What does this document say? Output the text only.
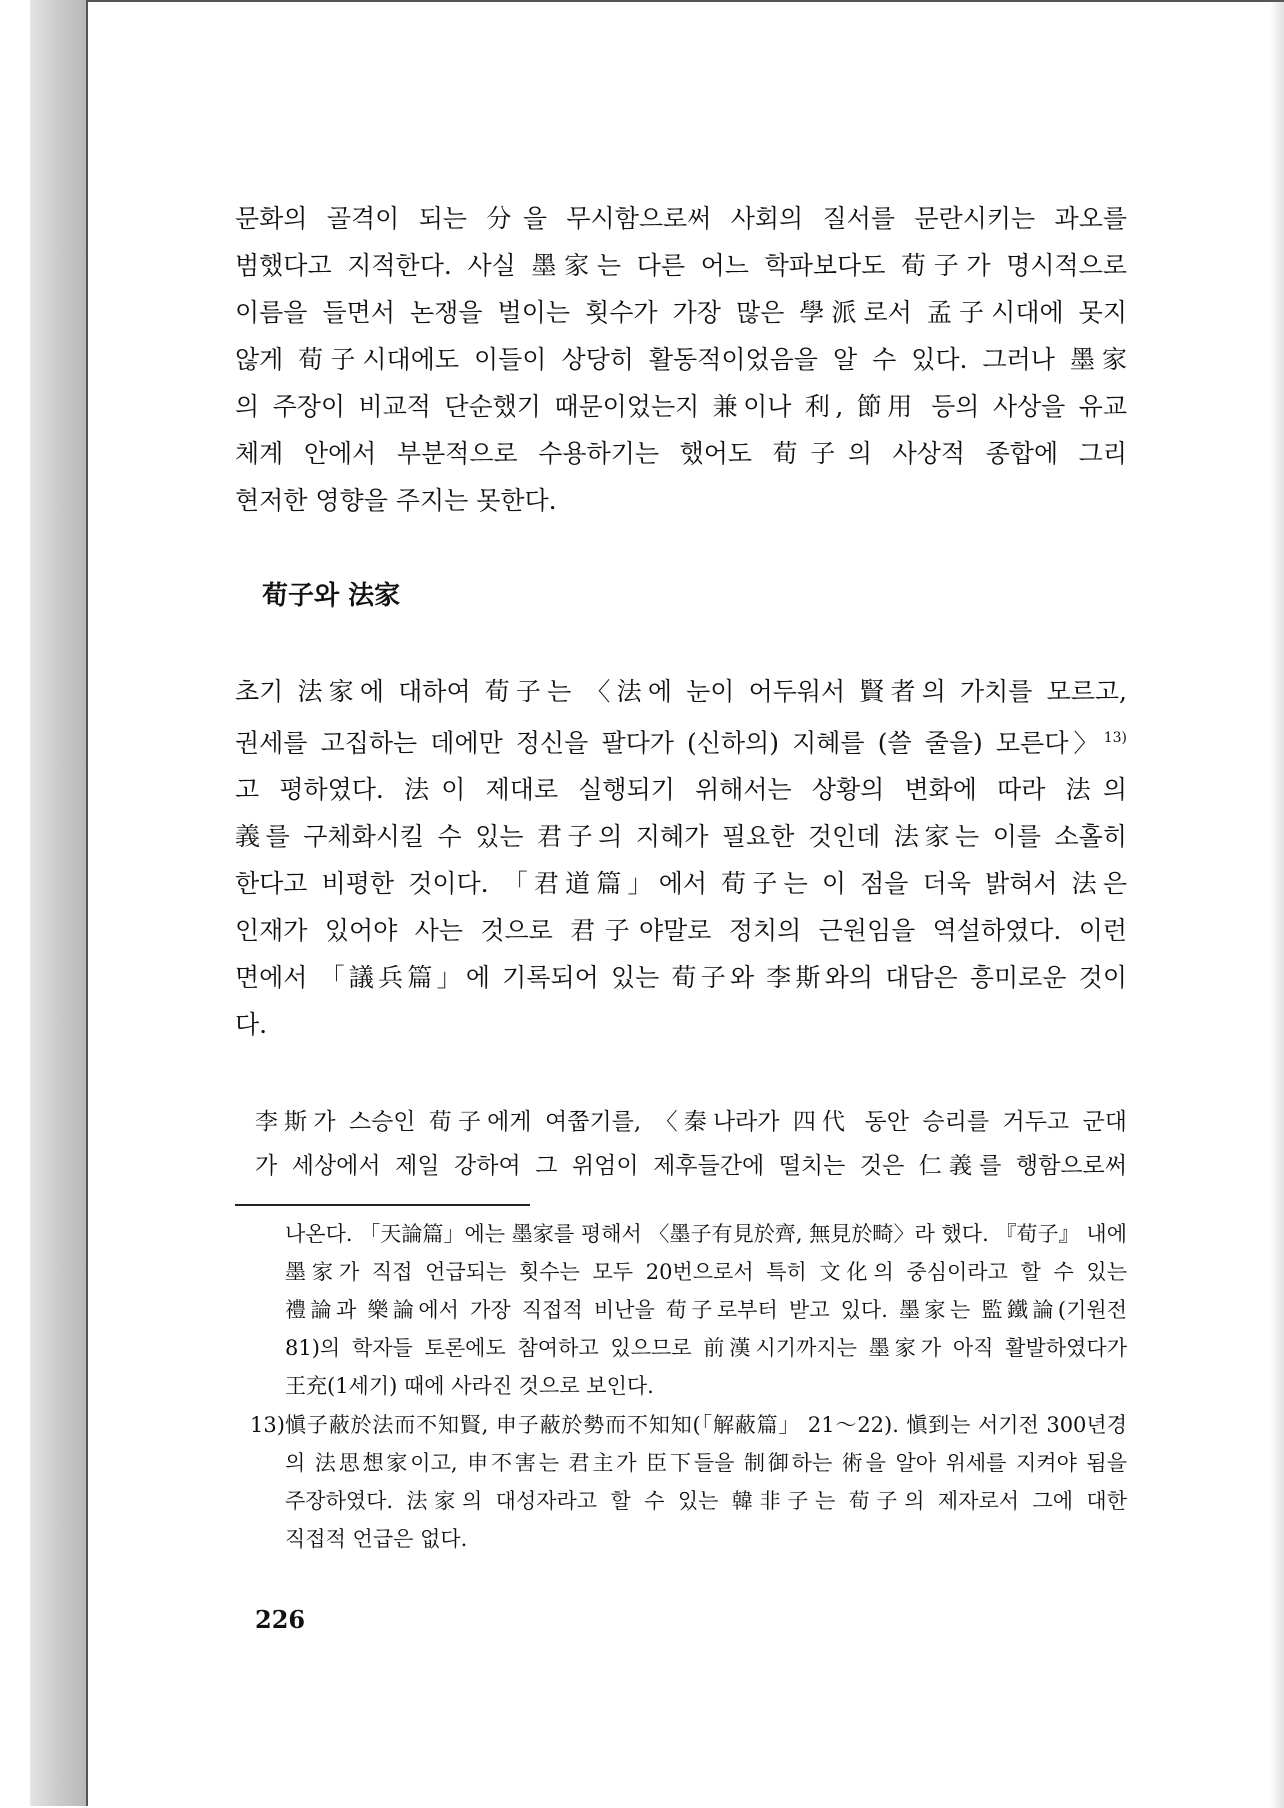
문화의 골격이 되는 分을 무시함으로써 사회의 질서를 문란시키는 과오를
범했다고 지적한다. 사실 墨家는 다른 어느 학파보다도 荀子가 명시적으로
이름을 들면서 논쟁을 벌이는 횟수가 가장 많은 學派로서 孟子시대에 못지
않게 荀子시대에도 이들이 상당히 활동적이었음을 알 수 있다. 그러나 墨家
의 주장이 비교적 단순했기 때문이었는지 兼이나 利, 節用 등의 사상을 유교
체계 안에서 부분적으로 수용하기는 했어도 荀子의 사상적 종합에 그리
현저한 영향을 주지는 못한다.
荀子와 法家
초기 法家에 대하여 荀子는 〈法에 눈이 어두워서 賢者의 가치를 모르고,
권세를 고집하는 데에만 정신을 팔다가 (신하의) 지혜를 (쓸 줄을) 모른다〉$^{13)}$
고 평하였다. 法이 제대로 실행되기 위해서는 상황의 변화에 따라 法의
義를 구체화시킬 수 있는 君子의 지혜가 필요한 것인데 法家는 이를 소홀히
한다고 비평한 것이다. 「君道篇」에서 荀子는 이 점을 더욱 밝혀서 法은
인재가 있어야 사는 것으로 君子야말로 정치의 근원임을 역설하였다. 이런
면에서 「議兵篇」에 기록되어 있는 荀子와 李斯와의 대담은 흥미로운 것이
다.
李斯가 스승인 荀子에게 여쭙기를, 〈秦나라가 四代 동안 승리를 거두고 군대
가 세상에서 제일 강하여 그 위엄이 제후들간에 떨치는 것은 仁義를 행함으로써
나온다. 「天論篇」에는 墨家를 평해서 〈墨子有見於齊, 無見於畸〉라 했다. 『荀子』 내에
墨家가 직접 언급되는 횟수는 모두 20번으로서 특히 文化의 중심이라고 할 수 있는
禮論과 樂論에서 가장 직접적 비난을 荀子로부터 받고 있다. 墨家는 監鐵論(기원전
81)의 학자들 토론에도 참여하고 있으므로 前漢시기까지는 墨家가 아직 활발하였다가
王充(1세기) 때에 사라진 것으로 보인다.
13) 愼子蔽於法而不知賢, 申子蔽於勢而不知知(「解蔽篇」 21～22). 愼到는 서기전 300년경
의 法思想家이고, 申不害는 君主가 臣下들을 制御하는 術을 알아 위세를 지켜야 됨을
주장하였다. 法家의 대성자라고 할 수 있는 韓非子는 荀子의 제자로서 그에 대한
직접적 언급은 없다.
226
